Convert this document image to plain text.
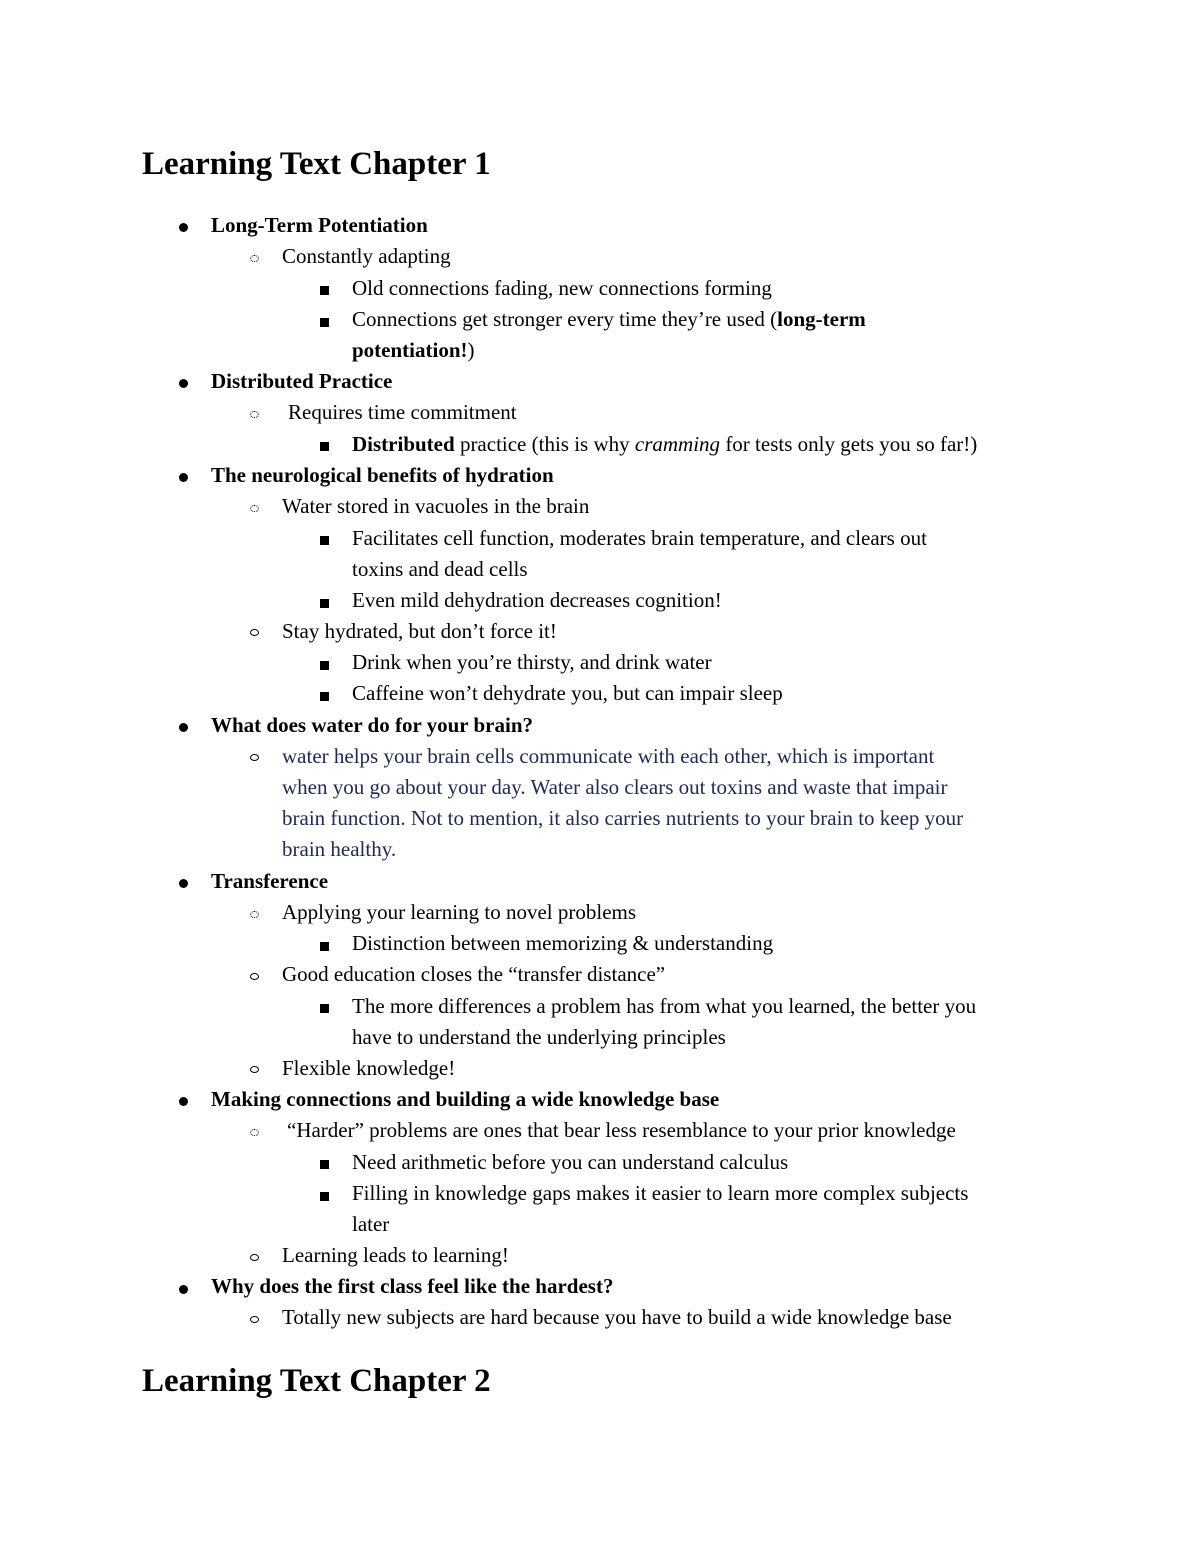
Learning Text Chapter 1
Long-Term Potentiation
Constantly adapting
Old connections fading, new connections forming
Connections get stronger every time they’re used (long-term
potentiation!)
Distributed Practice
Requires time commitment
Distributed practice (this is why cramming for tests only gets you so far!)
The neurological benefits of hydration
Water stored in vacuoles in the brain
Facilitates cell function, moderates brain temperature, and clears out
toxins and dead cells
Even mild dehydration decreases cognition!
Stay hydrated, but don’t force it!
Drink when you’re thirsty, and drink water
Caffeine won’t dehydrate you, but can impair sleep
What does water do for your brain?
water helps your brain cells communicate with each other, which is important
when you go about your day. Water also clears out toxins and waste that impair
brain function. Not to mention, it also carries nutrients to your brain to keep your
brain healthy.
Transference
Applying your learning to novel problems
Distinction between memorizing & understanding
Good education closes the “transfer distance”
The more differences a problem has from what you learned, the better you
have to understand the underlying principles
Flexible knowledge!
Making connections and building a wide knowledge base
“Harder” problems are ones that bear less resemblance to your prior knowledge
Need arithmetic before you can understand calculus
Filling in knowledge gaps makes it easier to learn more complex subjects
later
Learning leads to learning!
Why does the first class feel like the hardest?
Totally new subjects are hard because you have to build a wide knowledge base
Learning Text Chapter 2
